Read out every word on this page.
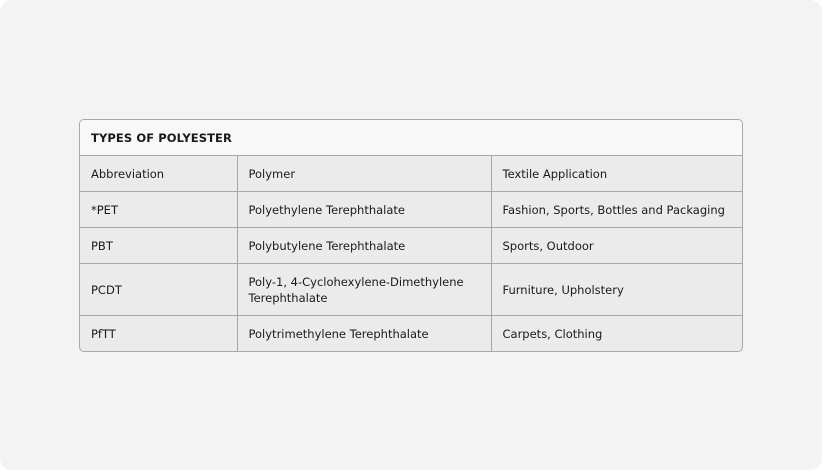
TYPES OF POLYESTER
Abbreviation	Polymer	Textile Application
*PET	Polyethylene Terephthalate	Fashion, Sports, Bottles and Packaging
PBT	Polybutylene Terephthalate	Sports, Outdoor
PCDT	Poly-1, 4-Cyclohexylene-Dimethylene Terephthalate	Furniture, Upholstery
PfTT	Polytrimethylene Terephthalate	Carpets, Clothing
